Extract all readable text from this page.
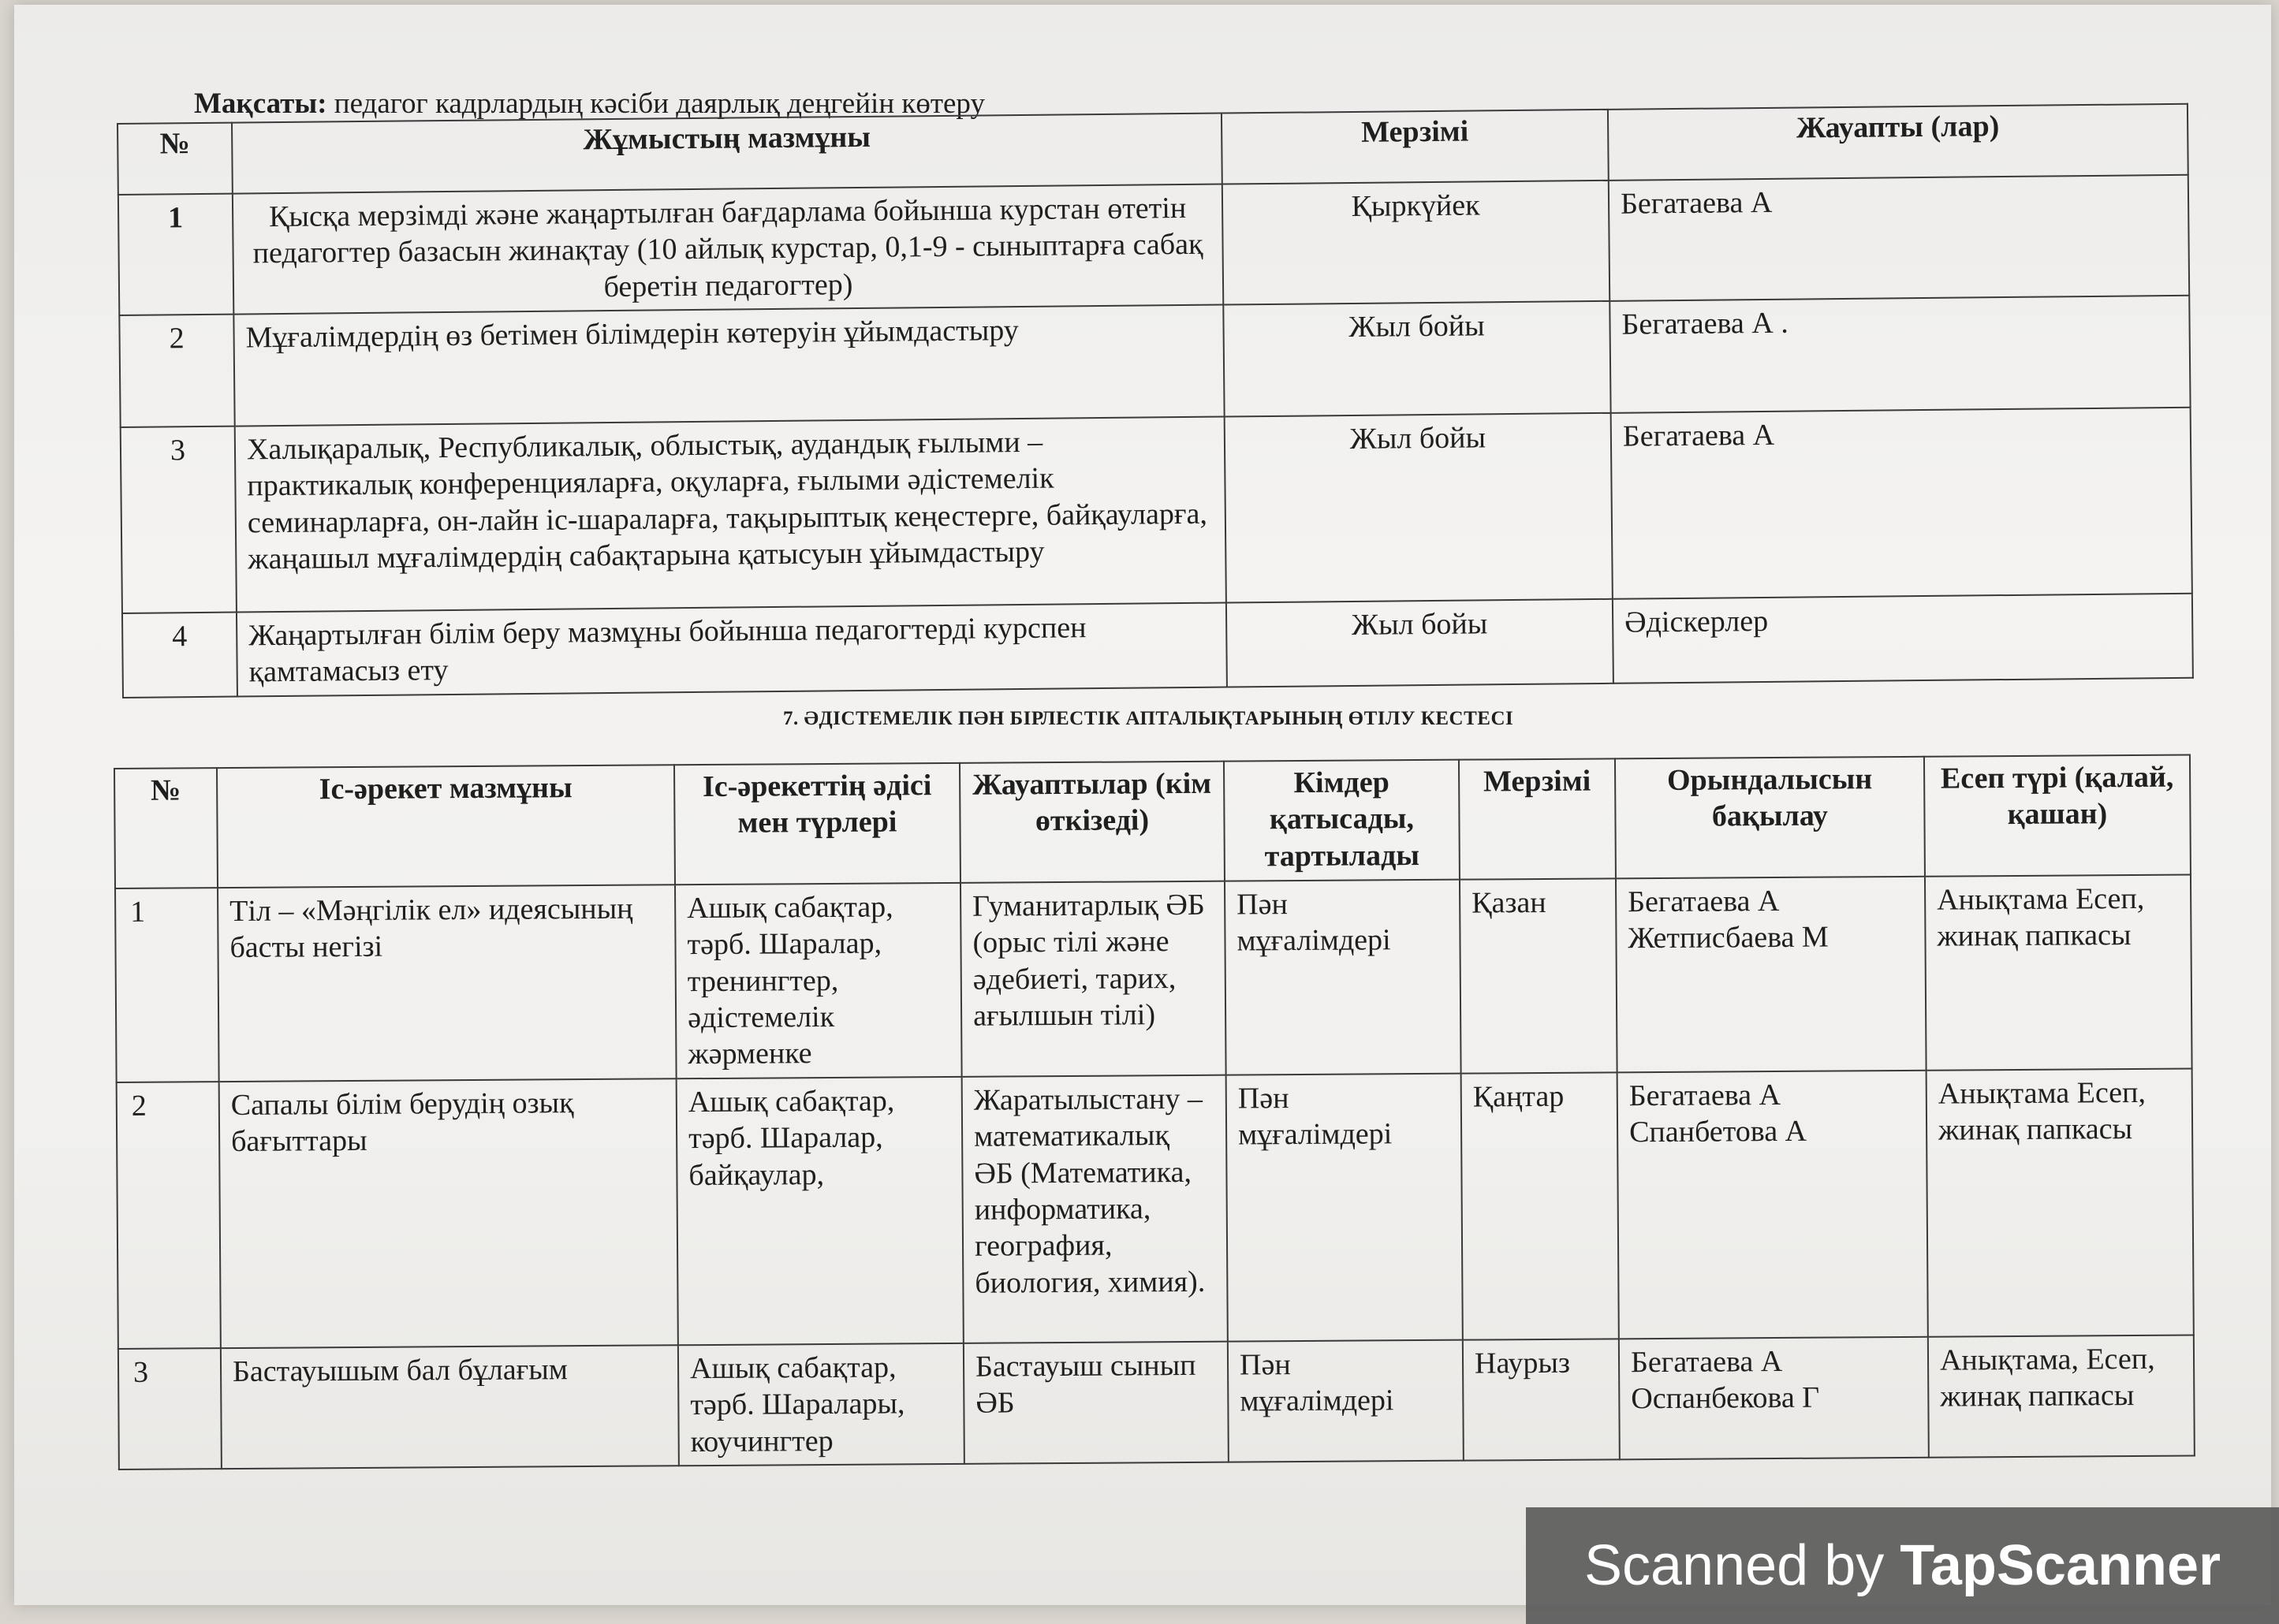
Мақсаты: педагог кадрлардың кәсіби даярлық деңгейін көтеру
№	Жұмыстың мазмұны	Мерзімі	Жауапты (лар)
1	Қысқа мерзімді және жаңартылған бағдарлама бойынша курстан өтетін педагогтер базасын жинақтау (10 айлық курстар, 0,1-9 - сыныптарға сабақ беретін педагогтер)	Қыркүйек	Бегатаева А
2	Мұғалімдердің өз бетімен білімдерін көтеруін ұйымдастыру	Жыл бойы	Бегатаева А .
3	Халықаралық, Республикалық, облыстық, аудандық ғылыми – практикалық конференцияларға, оқуларға, ғылыми әдістемелік семинарларға, он-лайн іс-шараларға, тақырыптық кеңестерге, байқауларға, жаңашыл мұғалімдердің сабақтарына қатысуын ұйымдастыру	Жыл бойы	Бегатаева А
4	Жаңартылған білім беру мазмұны бойынша педагогтерді курспен қамтамасыз ету	Жыл бойы	Әдіскерлер
7. ӘДІСТЕМЕЛІК ПӘН БІРЛЕСТІК АПТАЛЫҚТАРЫНЫҢ ӨТІЛУ КЕСТЕСІ
№	Іс-әрекет мазмұны	Іс-әрекеттің әдісі мен түрлері	Жауаптылар (кім өткізеді)	Кімдер қатысады, тартылады	Мерзімі	Орындалысын бақылау	Есеп түрі (қалай, қашан)
1	Тіл – «Мәңгілік ел» идеясының басты негізі	Ашық сабақтар, тәрб. Шаралар, тренингтер, әдістемелік жәрменке	Гуманитарлық ӘБ (орыс тілі және әдебиеті, тарих, ағылшын тілі)	Пән мұғалімдері	Қазан	Бегатаева А Жетписбаева М	Анықтама Есеп, жинақ папкасы
2	Сапалы білім берудің озық бағыттары	Ашық сабақтар, тәрб. Шаралар, байқаулар,	Жаратылыстану – математикалық ӘБ (Математика, информатика, география, биология, химия).	Пән мұғалімдері	Қаңтар	Бегатаева А Спанбетова А	Анықтама Есеп, жинақ папкасы
3	Бастауышым бал бұлағым	Ашық сабақтар, тәрб. Шаралары, коучингтер	Бастауыш сынып ӘБ	Пән мұғалімдері	Наурыз	Бегатаева А Оспанбекова Г	Анықтама, Есеп, жинақ папкасы
Scanned by TapScanner
